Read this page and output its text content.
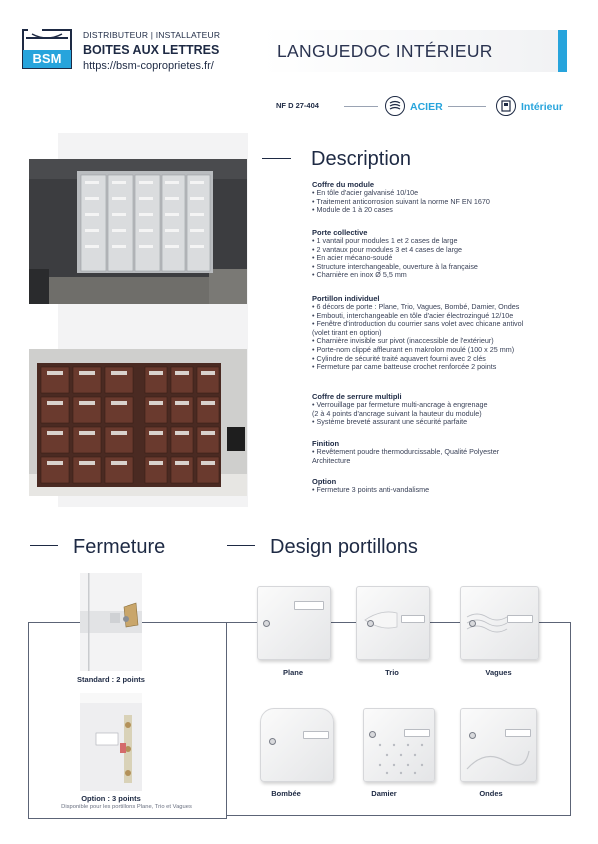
BSM
DISTRIBUTEUR | INSTALLATEUR
BOITES AUX LETTRES
https://bsm-coproprietes.fr/
LANGUEDOC INTÉRIEUR
NF D 27-404	ACIER	Intérieur
Description
Coffre du module
• En tôle d'acier galvanisé 10/10e
• Traitement anticorrosion suivant la norme NF EN 1670
• Module de 1 à 20 cases
Porte collective
• 1 vantail pour modules 1 et 2 cases de large
• 2 vantaux pour modules 3 et 4 cases de large
• En acier mécano-soudé
• Structure interchangeable, ouverture à la française
• Charnière en inox Ø 5,5 mm
Portillon individuel
• 6 décors de porte : Plane, Trio, Vagues, Bombé, Damier, Ondes
• Embouti, interchangeable en tôle d'acier électrozingué 12/10e
• Fenêtre d'introduction du courrier sans volet avec chicane antivol
(volet tirant en option)
• Charnière invisible sur pivot (inaccessible de l'extérieur)
• Porte-nom clippé affleurant en makrolon moulé (100 x 25 mm)
• Cylindre de sécurité traité aquavert fourni avec 2 clés
• Fermeture par came batteuse crochet renforcée 2 points
Coffre de serrure multipli
• Verrouillage par fermeture multi-ancrage à engrenage
(2 à 4 points d'ancrage suivant la hauteur du module)
• Système breveté assurant une sécurité parfaite
Finition
• Revêtement poudre thermodurcissable, Qualité Polyester
Architecture
Option
• Fermeture 3 points anti-vandalisme
Fermeture
Standard : 2 points
Option : 3 points
Disponible pour les portillons Plane, Trio et Vagues
Design portillons
Plane	Trio	Vagues
Bombée	Damier	Ondes
